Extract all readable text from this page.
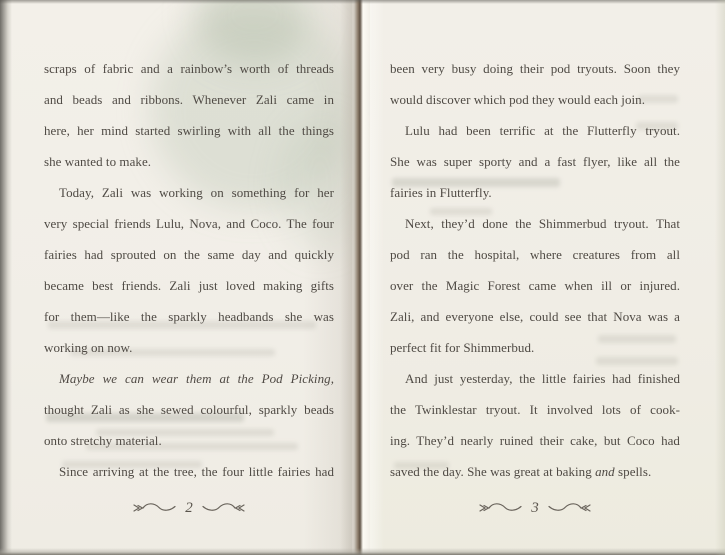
scraps of fabric and a rainbow’s worth of threads
and beads and ribbons. Whenever Zali came in
here, her mind started swirling with all the things
she wanted to make.
Today, Zali was working on something for her
very special friends Lulu, Nova, and Coco. The four
fairies had sprouted on the same day and quickly
became best friends. Zali just loved making gifts
for them—like the sparkly headbands she was
working on now.
Maybe we can wear them at the Pod Picking,
thought Zali as she sewed colourful, sparkly beads
onto stretchy material.
Since arriving at the tree, the four little fairies had
2
been very busy doing their pod tryouts. Soon they
would discover which pod they would each join.
Lulu had been terrific at the Flutterfly tryout.
She was super sporty and a fast flyer, like all the
fairies in Flutterfly.
Next, they’d done the Shimmerbud tryout. That
pod ran the hospital, where creatures from all
over the Magic Forest came when ill or injured.
Zali, and everyone else, could see that Nova was a
perfect fit for Shimmerbud.
And just yesterday, the little fairies had finished
the Twinklestar tryout. It involved lots of cook-
ing. They’d nearly ruined their cake, but Coco had
saved the day. She was great at baking and spells.
3
